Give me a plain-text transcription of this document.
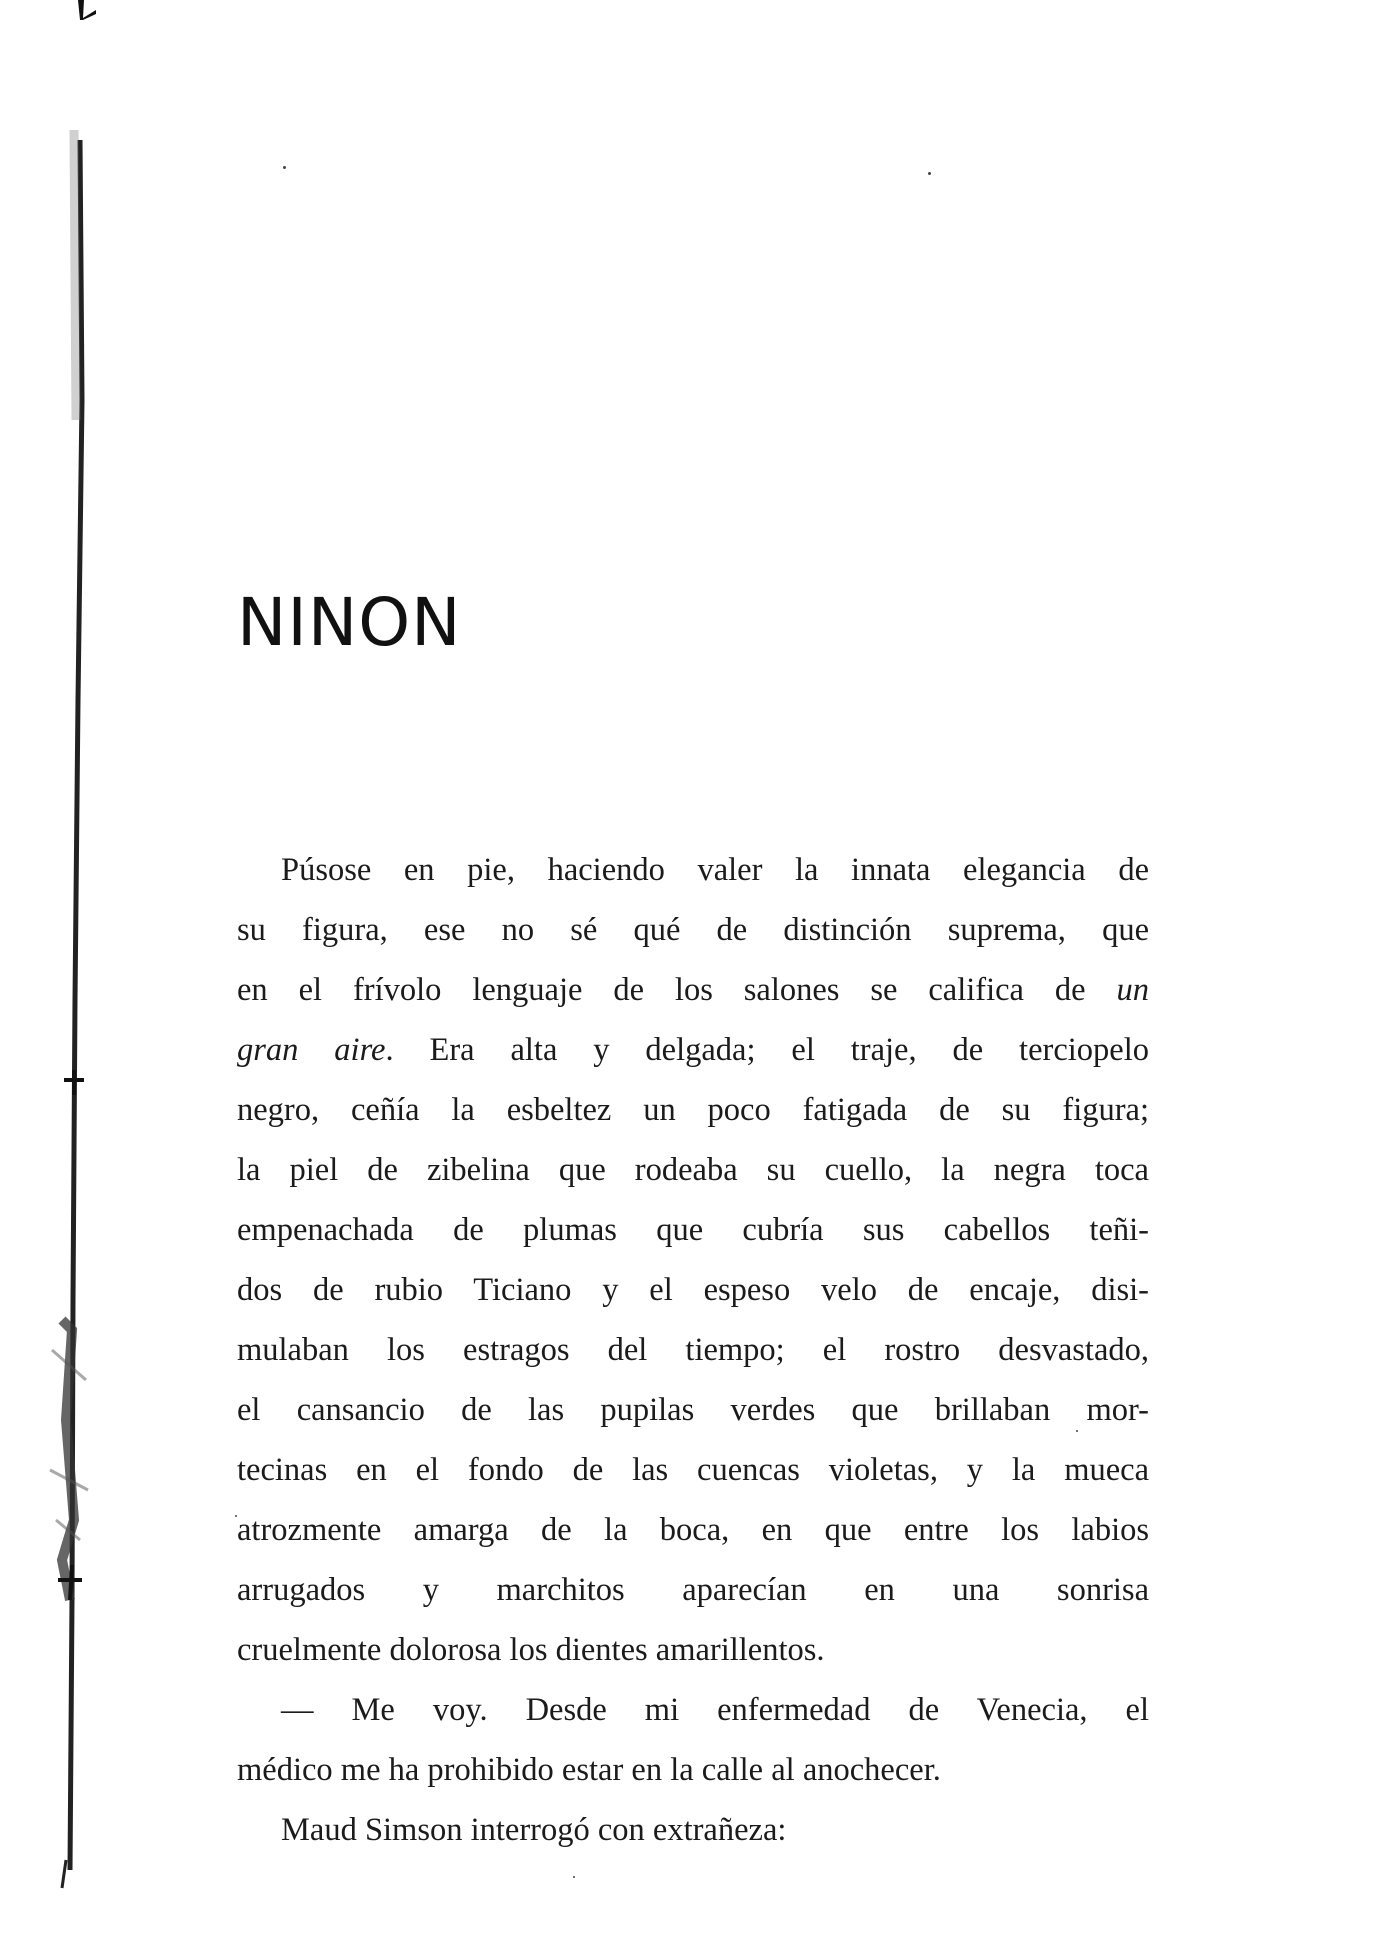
NINON

Púsose en pie, haciendo valer la innata elegancia de
su figura, ese no sé qué de distinción suprema, que
en el frívolo lenguaje de los salones se califica de un
gran aire. Era alta y delgada; el traje, de terciopelo
negro, ceñía la esbeltez un poco fatigada de su figura;
la piel de zibelina que rodeaba su cuello, la negra toca
empenachada de plumas que cubría sus cabellos teñi-
dos de rubio Ticiano y el espeso velo de encaje, disi-
mulaban los estragos del tiempo; el rostro desvastado,
el cansancio de las pupilas verdes que brillaban mor-
tecinas en el fondo de las cuencas violetas, y la mueca
atrozmente amarga de la boca, en que entre los labios
arrugados y marchitos aparecían en una sonrisa
cruelmente dolorosa los dientes amarillentos.

— Me voy. Desde mi enfermedad de Venecia, el
médico me ha prohibido estar en la calle al anochecer.

Maud Simson interrogó con extrañeza:
